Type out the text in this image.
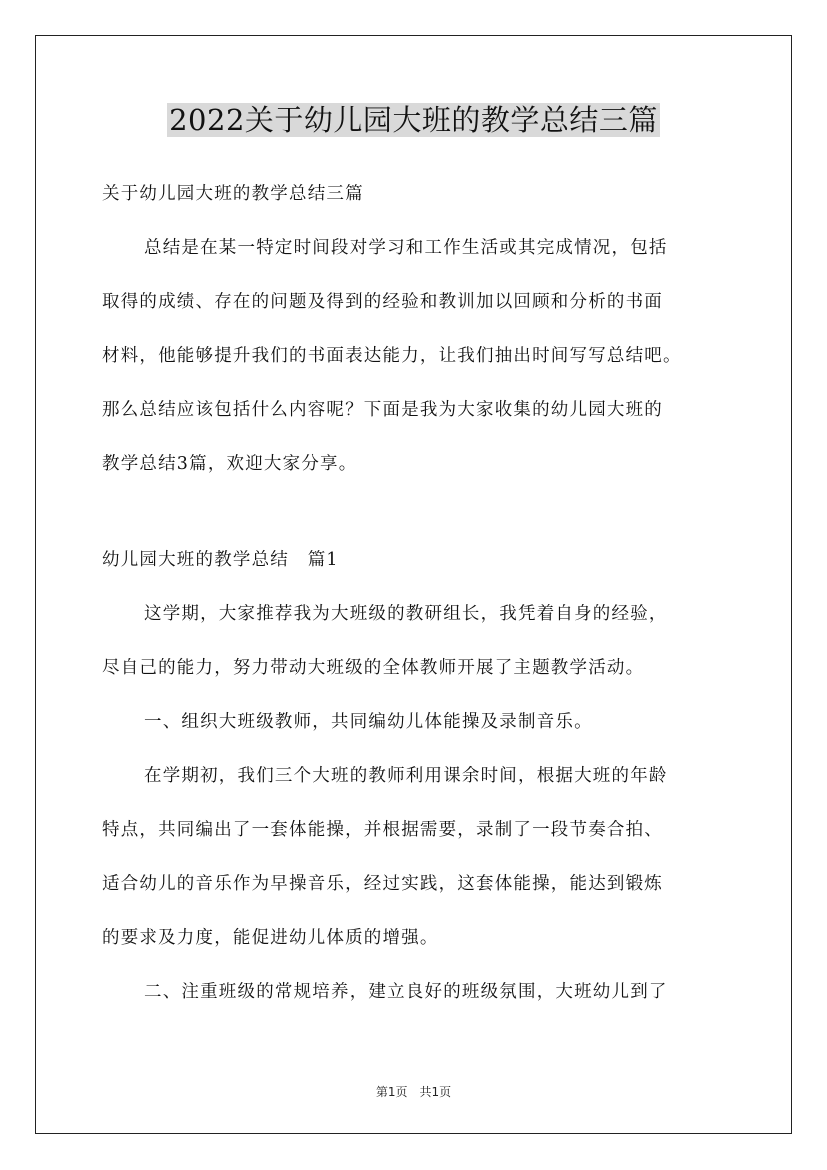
2022关于幼儿园大班的教学总结三篇
关于幼儿园大班的教学总结三篇
总结是在某一特定时间段对学习和工作生活或其完成情况，包括
取得的成绩、存在的问题及得到的经验和教训加以回顾和分析的书面
材料，他能够提升我们的书面表达能力，让我们抽出时间写写总结吧。
那么总结应该包括什么内容呢？下面是我为大家收集的幼儿园大班的
教学总结3篇，欢迎大家分享。
幼儿园大班的教学总结　篇1
这学期，大家推荐我为大班级的教研组长，我凭着自身的经验，
尽自己的能力，努力带动大班级的全体教师开展了主题教学活动。
一、组织大班级教师，共同编幼儿体能操及录制音乐。
在学期初，我们三个大班的教师利用课余时间，根据大班的年龄
特点，共同编出了一套体能操，并根据需要，录制了一段节奏合拍、
适合幼儿的音乐作为早操音乐，经过实践，这套体能操，能达到锻炼
的要求及力度，能促进幼儿体质的增强。
二、注重班级的常规培养，建立良好的班级氛围，大班幼儿到了
第1页 共1页
